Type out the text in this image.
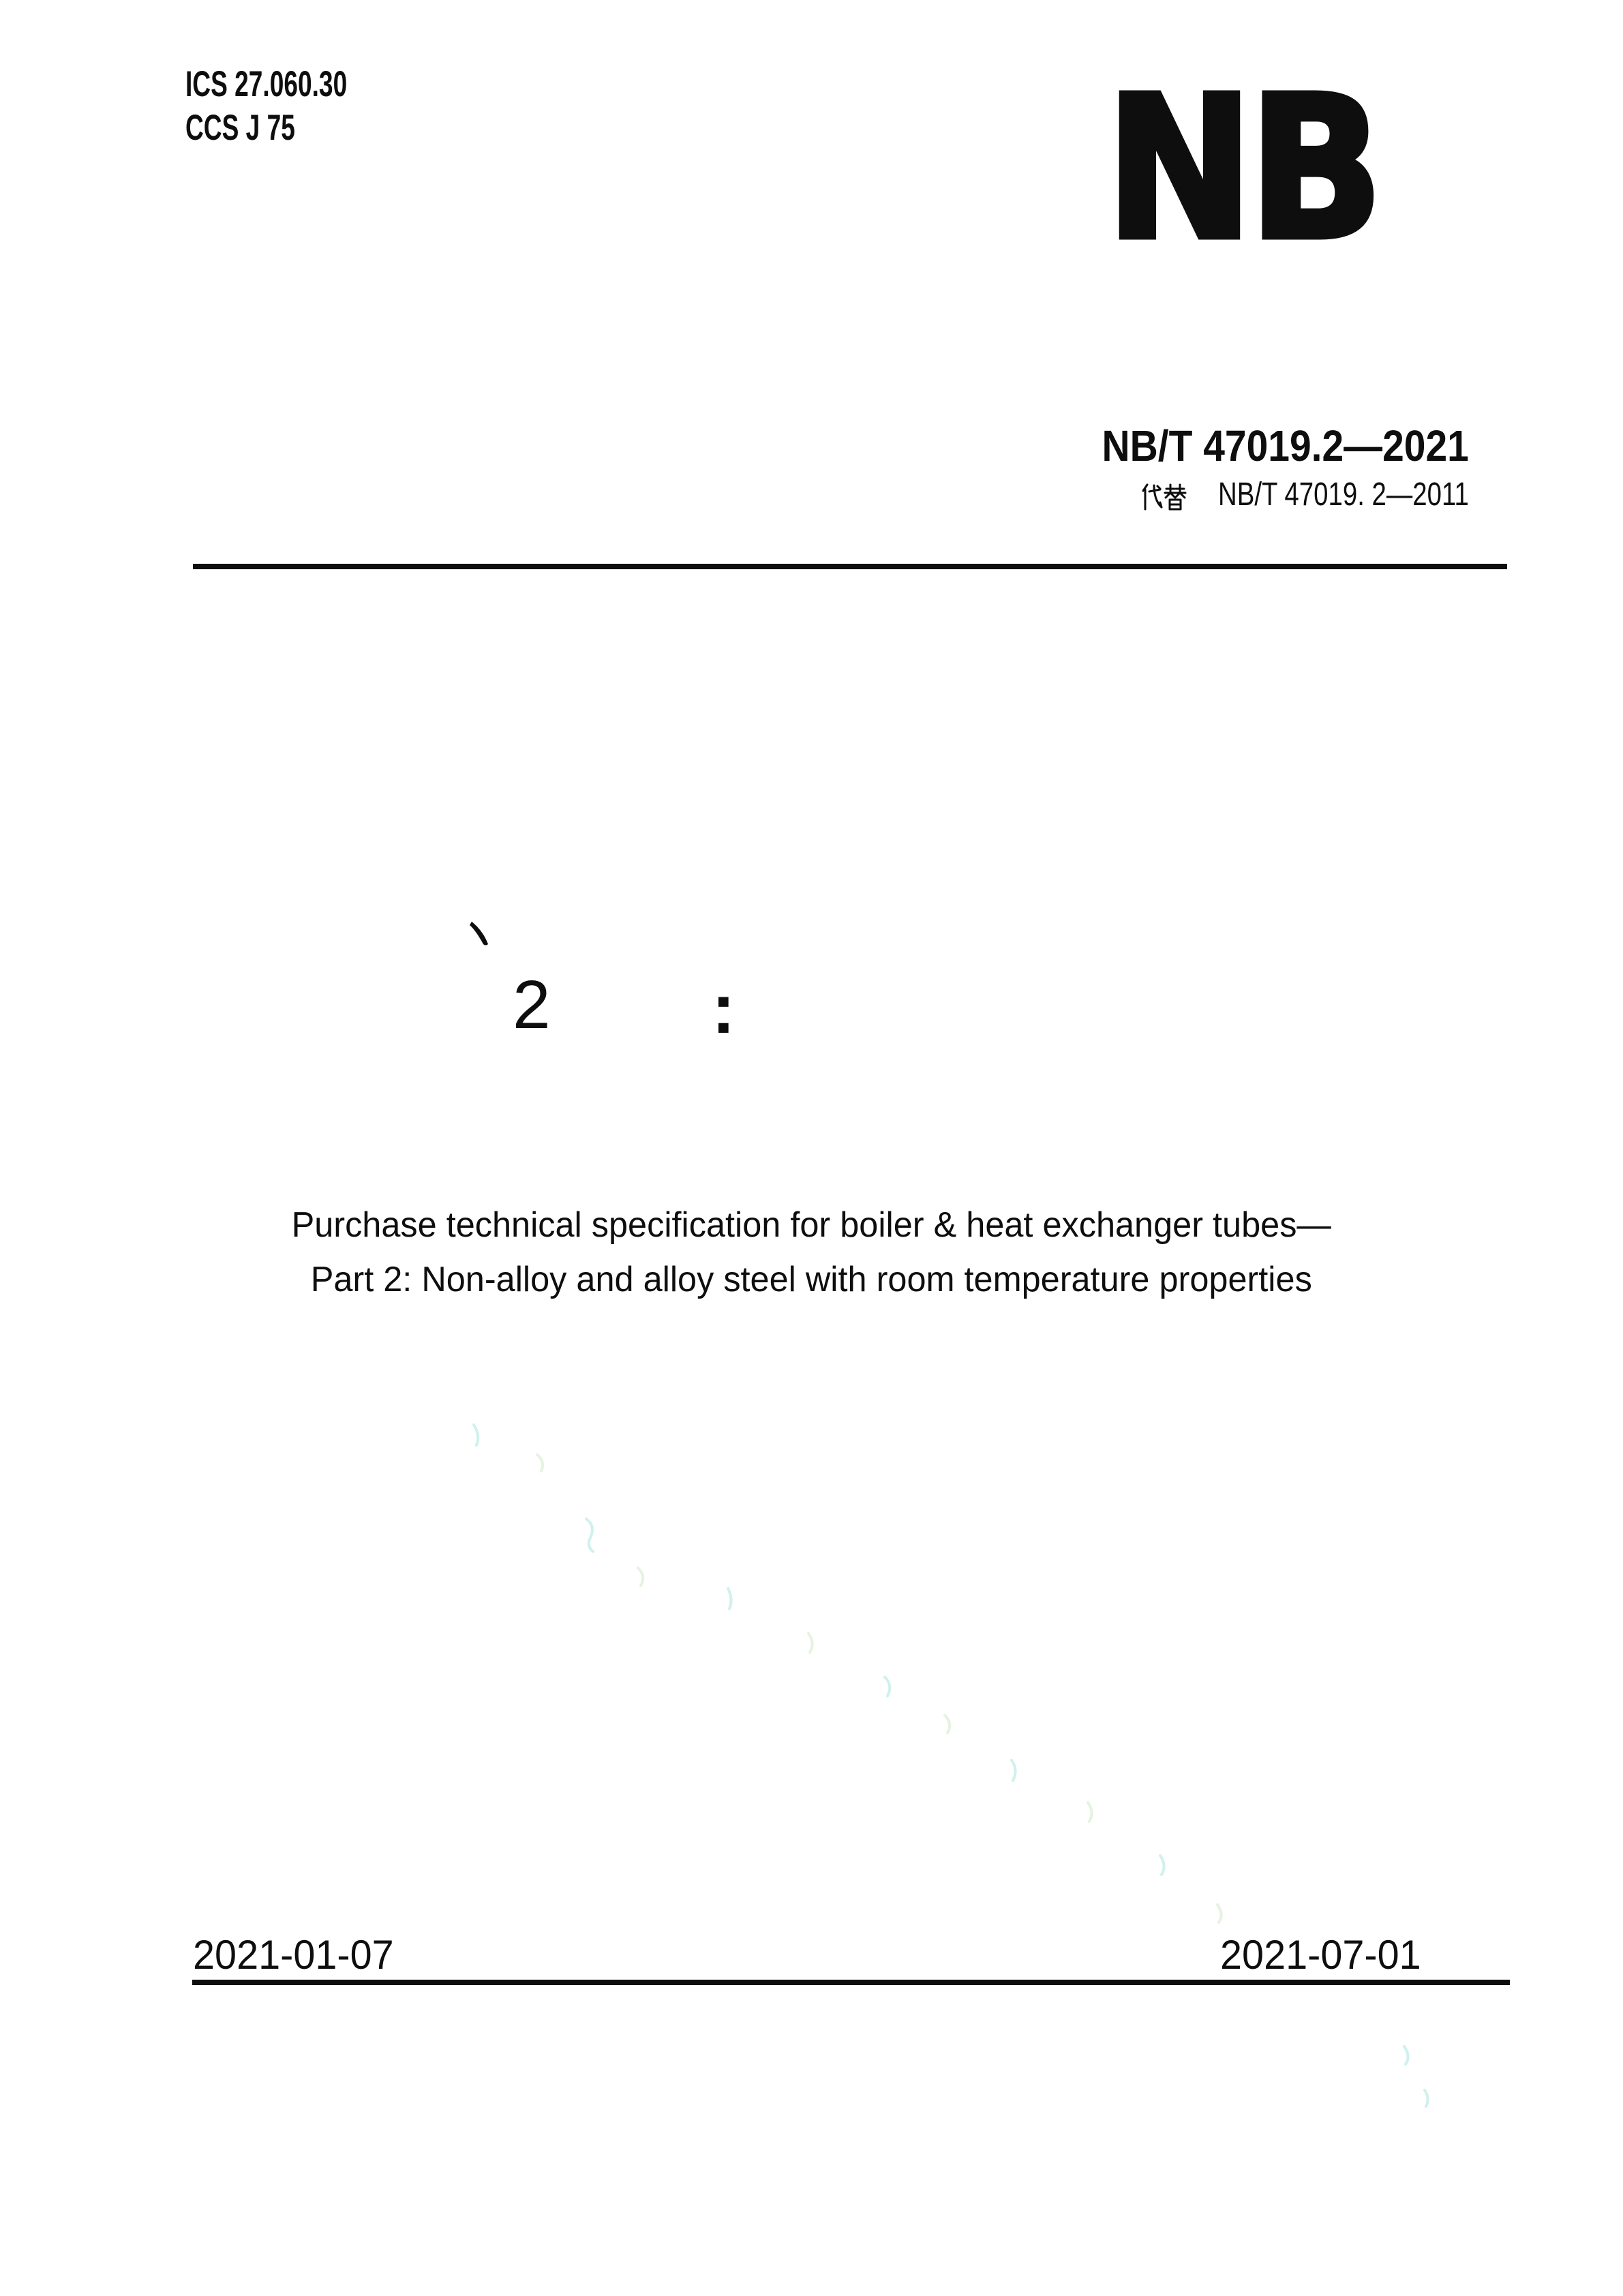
ICS 27.060.30
CCS J 75	NB
NB/T 47019.2—2021
NB/T 47019. 2—2011
2 :
Purchase technical specification for boiler & heat exchanger tubes—
Part 2: Non-alloy and alloy steel with room temperature properties
2021-01-07	2021-07-01
